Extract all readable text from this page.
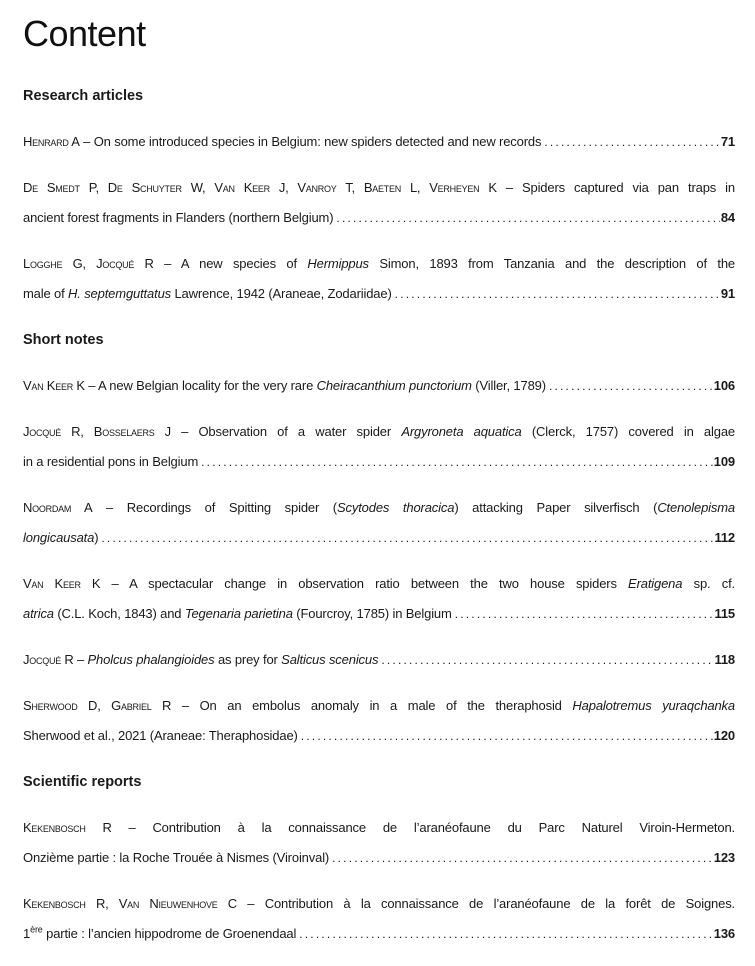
Content
Research articles
Henrard A – On some introduced species in Belgium: new spiders detected and new records .....	71
De Smedt P, De Schuyter W, Van Keer J, Vanroy T, Baeten L, Verheyen K – Spiders captured via pan traps in
ancient forest fragments in Flanders (northern Belgium) .....	84
Logghe G, Jocqué R – A new species of Hermippus Simon, 1893 from Tanzania and the description of the
male of H. septemguttatus Lawrence, 1942 (Araneae, Zodariidae) .....	91
Short notes
Van Keer K – A new Belgian locality for the very rare Cheiracanthium punctorium (Viller, 1789) .....	106
Jocqué R, Bosselaers J – Observation of a water spider Argyroneta aquatica (Clerck, 1757) covered in algae
in a residential pons in Belgium .....	109
Noordam A – Recordings of Spitting spider (Scytodes thoracica) attacking Paper silverfisch (Ctenolepisma
longicausata) .....	112
Van Keer K – A spectacular change in observation ratio between the two house spiders Eratigena sp. cf.
atrica (C.L. Koch, 1843) and Tegenaria parietina (Fourcroy, 1785) in Belgium .....	115
Jocqué R – Pholcus phalangioides as prey for Salticus scenicus .....	118
Sherwood D, Gabriel R – On an embolus anomaly in a male of the theraphosid Hapalotremus yuraqchanka
Sherwood et al., 2021 (Araneae: Theraphosidae) .....	120
Scientific reports
Kekenbosch R – Contribution à la connaissance de l’aranéofaune du Parc Naturel Viroin-Hermeton.
Onzième partie : la Roche Trouée à Nismes (Viroinval) .....	123
Kekenbosch R, Van Nieuwenhove C – Contribution à la connaissance de l’aranéofaune de la forêt de Soignes.
1ère partie : l’ancien hippodrome de Groenendaal .....	136
